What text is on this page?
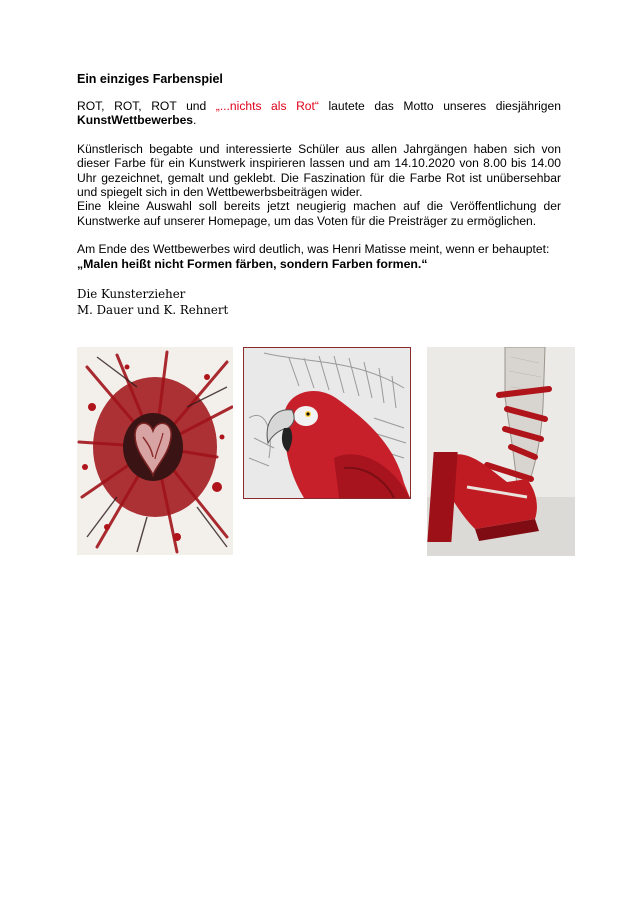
Ein einziges Farbenspiel

ROT, ROT, ROT und „...nichts als Rot“ lautete das Motto unseres diesjährigen KunstWettbewerbes.

Künstlerisch begabte und interessierte Schüler aus allen Jahrgängen haben sich von dieser Farbe für ein Kunstwerk inspirieren lassen und am 14.10.2020 von 8.00 bis 14.00 Uhr gezeichnet, gemalt und geklebt. Die Faszination für die Farbe Rot ist unübersehbar und spiegelt sich in den Wettbewerbsbeiträgen wider.

Eine kleine Auswahl soll bereits jetzt neugierig machen auf die Veröffentlichung der Kunstwerke auf unserer Homepage, um das Voten für die Preisträger zu ermöglichen.

Am Ende des Wettbewerbes wird deutlich, was Henri Matisse meint, wenn er behauptet:

„Malen heißt nicht Formen färben, sondern Farben formen.“

Die Kunsterzieher
M. Dauer und K. Rehnert
